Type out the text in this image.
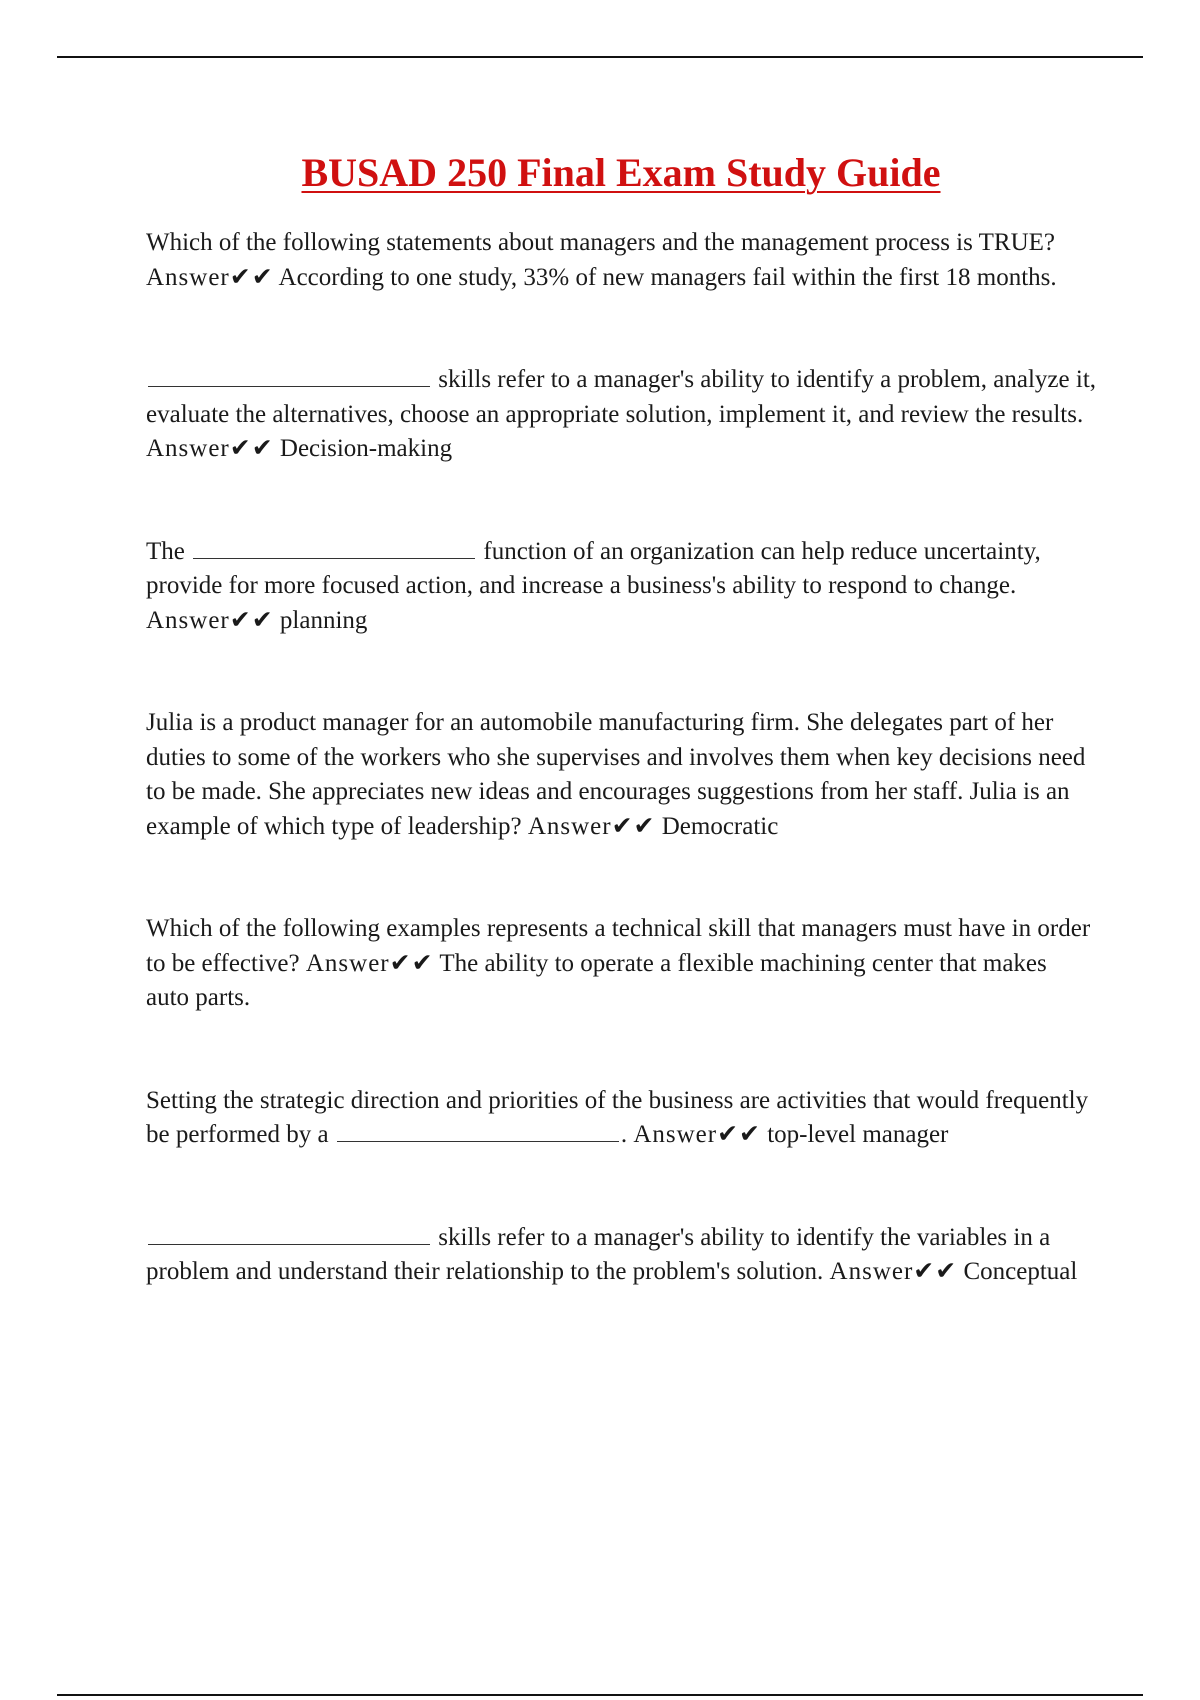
BUSAD 250 Final Exam Study Guide

Which of the following statements about managers and the management process is TRUE? Answer✔✔ According to one study, 33% of new managers fail within the first 18 months.

skills refer to a manager's ability to identify a problem, analyze it, evaluate the alternatives, choose an appropriate solution, implement it, and review the results. Answer✔✔ Decision-making

The	function of an organization can help reduce uncertainty, provide for more focused action, and increase a business's ability to respond to change. Answer✔✔ planning

Julia is a product manager for an automobile manufacturing firm. She delegates part of her duties to some of the workers who she supervises and involves them when key decisions need to be made. She appreciates new ideas and encourages suggestions from her staff. Julia is an example of which type of leadership? Answer✔✔ Democratic

Which of the following examples represents a technical skill that managers must have in order to be effective? Answer✔✔ The ability to operate a flexible machining center that makes auto parts.

Setting the strategic direction and priorities of the business are activities that would frequently be performed by a	. Answer✔✔ top-level manager

skills refer to a manager's ability to identify the variables in a problem and understand their relationship to the problem's solution. Answer✔✔ Conceptual
